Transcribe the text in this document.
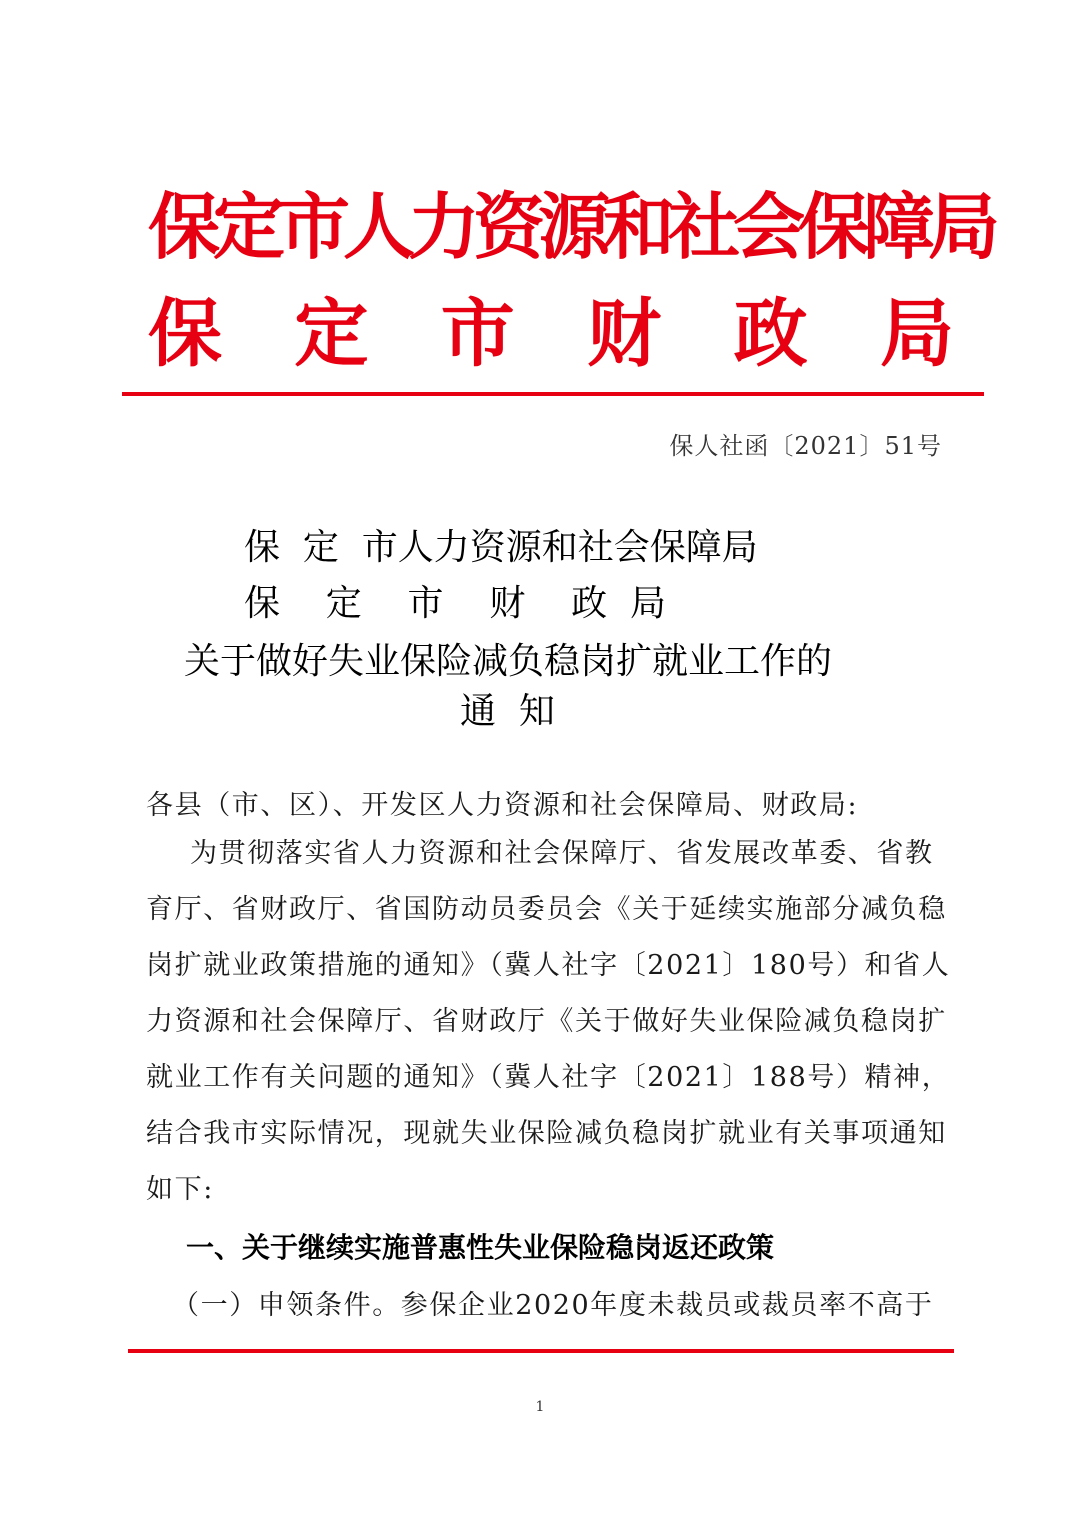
保定市人力资源和社会保障局
保 定 市 财 政 局
保人社函〔2021〕51号
保  定  市人力资源和社会保障局
保    定    市    财    政  局
关于做好失业保险减负稳岗扩就业工作的
通  知
各县（市、区）、开发区人力资源和社会保障局、财政局:
为贯彻落实省人力资源和社会保障厅、省发展改革委、省教
育厅、省财政厅、省国防动员委员会《关于延续实施部分减负稳
岗扩就业政策措施的通知》（冀人社字〔2021〕180号）和省人
力资源和社会保障厅、省财政厅《关于做好失业保险减负稳岗扩
就业工作有关问题的通知》（冀人社字〔2021〕188号）精神，
结合我市实际情况，现就失业保险减负稳岗扩就业有关事项通知
如下:
一、关于继续实施普惠性失业保险稳岗返还政策
（一）申领条件。参保企业2020年度未裁员或裁员率不高于
1
